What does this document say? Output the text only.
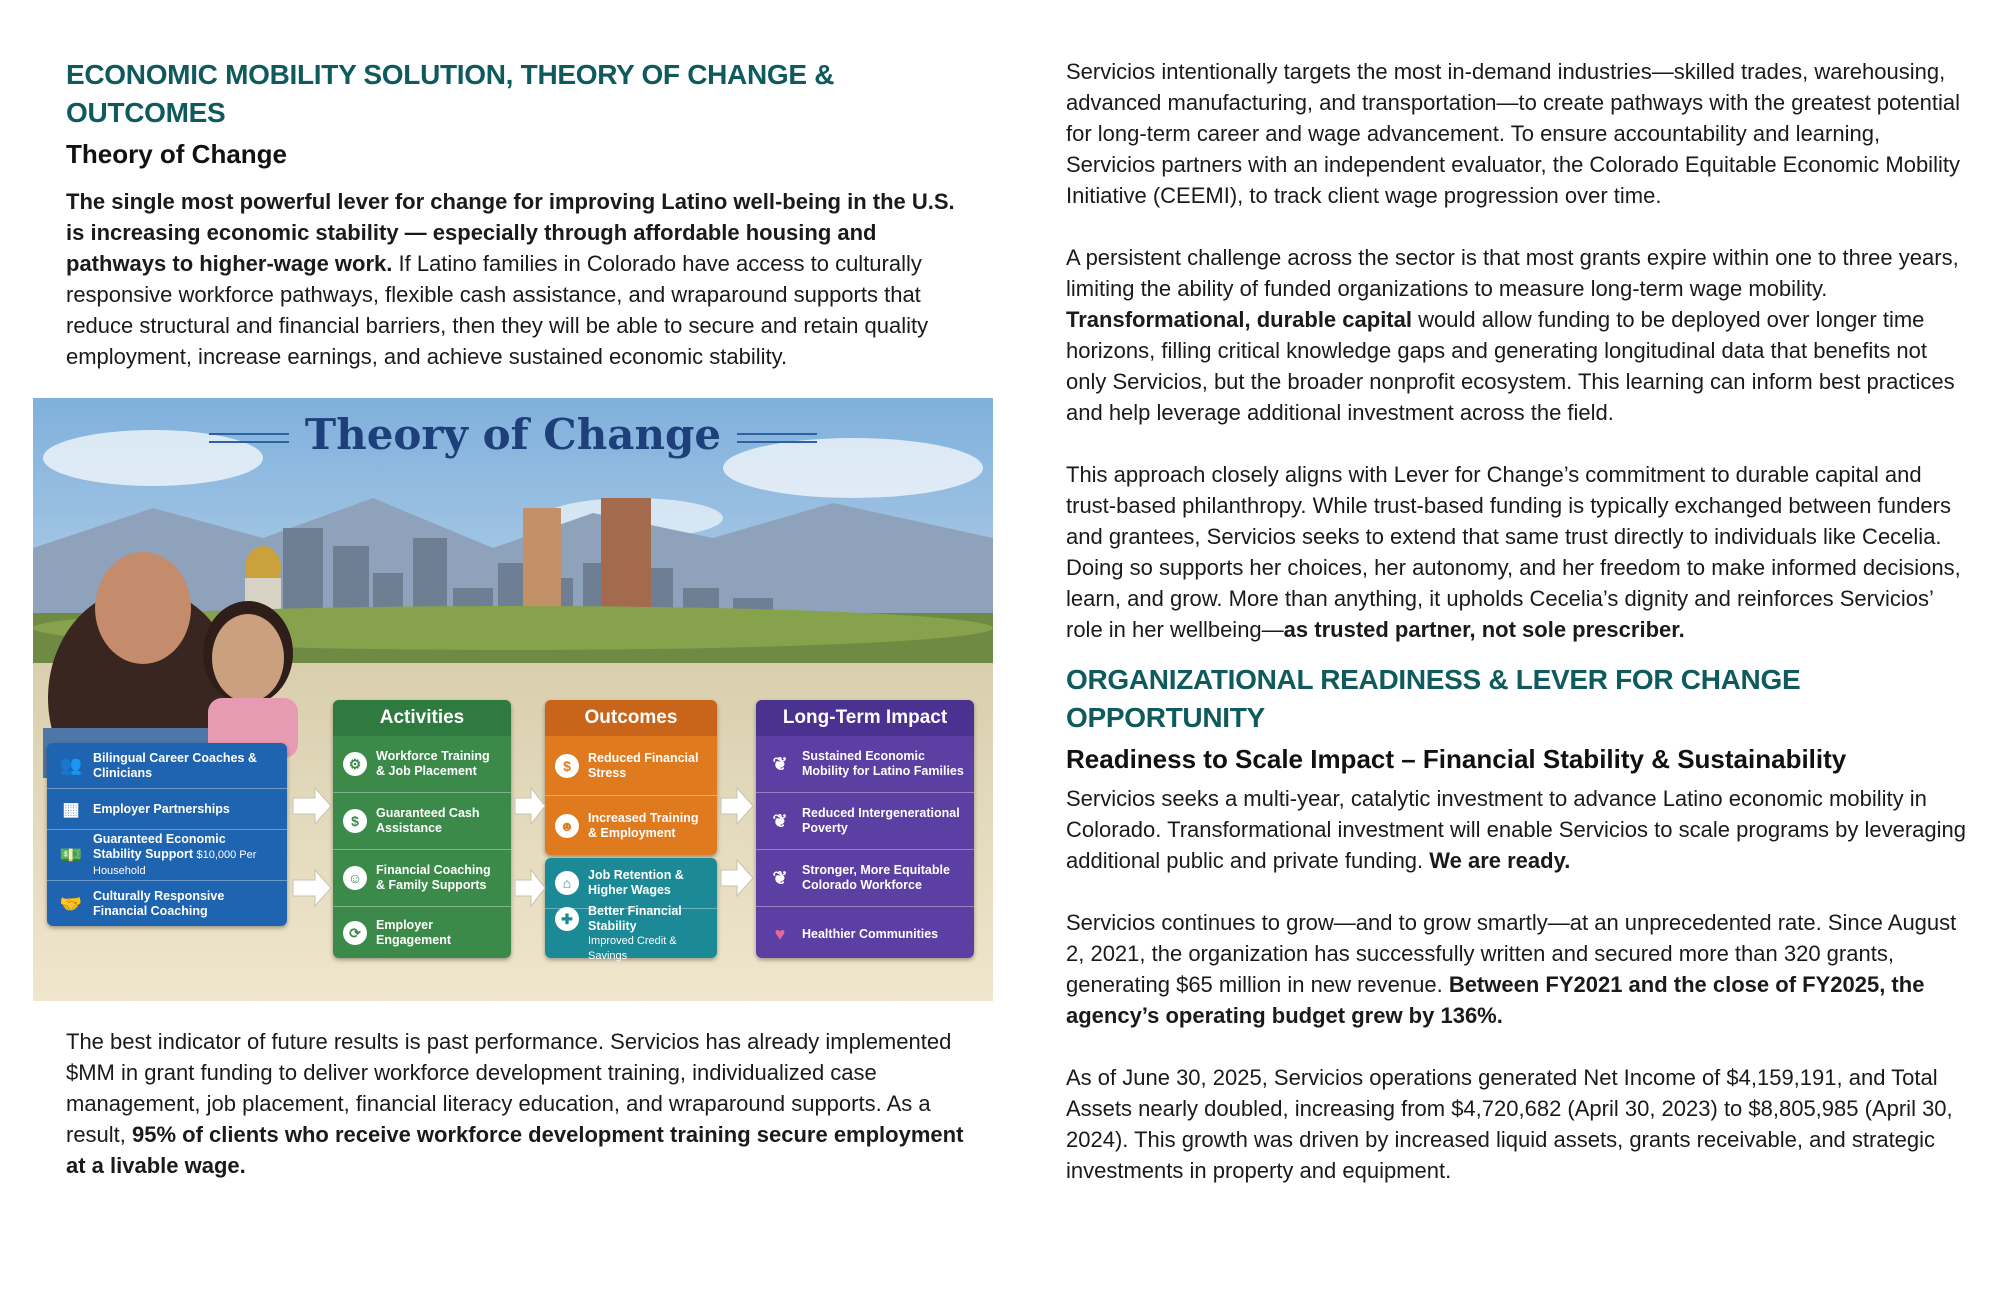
ECONOMIC MOBILITY SOLUTION, THEORY OF CHANGE & OUTCOMES
Theory of Change

The single most powerful lever for change for improving Latino well-being in the U.S. is increasing economic stability — especially through affordable housing and pathways to higher-wage work. If Latino families in Colorado have access to culturally responsive workforce pathways, flexible cash assistance, and wraparound supports that reduce structural and financial barriers, then they will be able to secure and retain quality employment, increase earnings, and achieve sustained economic stability.

Theory of Change
👥 Bilingual Career Coaches & Clinicians
▦	Employer Partnerships
💵
Guaranteed Economic Stability Support $10,000 Per Household
🤝 Culturally Responsive Financial Coaching
Activities
⚙	Workforce Training & Job Placement
$	Guaranteed Cash Assistance
☺	Financial Coaching & Family Supports
⟳	Employer Engagement
Outcomes
$	Reduced Financial Stress
☻	Increased Training & Employment
⌂	Job Retention & Higher Wages
✚	Better Financial Stability
Improved Credit & Savings
Long-Term Impact
❦	Sustained Economic Mobility for Latino Families
❦	Reduced Intergenerational Poverty
❦	Stronger, More Equitable Colorado Workforce
♥	Healthier Communities

The best indicator of future results is past performance. Servicios has already implemented $MM in grant funding to deliver workforce development training, individualized case management, job placement, financial literacy education, and wraparound supports. As a result, 95% of clients who receive workforce development training secure employment at a livable wage.

Servicios intentionally targets the most in-demand industries—skilled trades, warehousing, advanced manufacturing, and transportation—to create pathways with the greatest potential for long-term career and wage advancement. To ensure accountability and learning, Servicios partners with an independent evaluator, the Colorado Equitable Economic Mobility Initiative (CEEMI), to track client wage progression over time.

A persistent challenge across the sector is that most grants expire within one to three years, limiting the ability of funded organizations to measure long-term wage mobility. Transformational, durable capital would allow funding to be deployed over longer time horizons, filling critical knowledge gaps and generating longitudinal data that benefits not only Servicios, but the broader nonprofit ecosystem. This learning can inform best practices and help leverage additional investment across the field.

This approach closely aligns with Lever for Change’s commitment to durable capital and trust-based philanthropy. While trust-based funding is typically exchanged between funders and grantees, Servicios seeks to extend that same trust directly to individuals like Cecelia. Doing so supports her choices, her autonomy, and her freedom to make informed decisions, learn, and grow. More than anything, it upholds Cecelia’s dignity and reinforces Servicios’ role in her wellbeing—as trusted partner, not sole prescriber.

ORGANIZATIONAL READINESS & LEVER FOR CHANGE OPPORTUNITY
Readiness to Scale Impact – Financial Stability & Sustainability

Servicios seeks a multi-year, catalytic investment to advance Latino economic mobility in Colorado. Transformational investment will enable Servicios to scale programs by leveraging additional public and private funding. We are ready.

Servicios continues to grow—and to grow smartly—at an unprecedented rate. Since August 2, 2021, the organization has successfully written and secured more than 320 grants, generating $65 million in new revenue. Between FY2021 and the close of FY2025, the agency’s operating budget grew by 136%.

As of June 30, 2025, Servicios operations generated Net Income of $4,159,191, and Total Assets nearly doubled, increasing from $4,720,682 (April 30, 2023) to $8,805,985 (April 30, 2024). This growth was driven by increased liquid assets, grants receivable, and strategic investments in property and equipment.
